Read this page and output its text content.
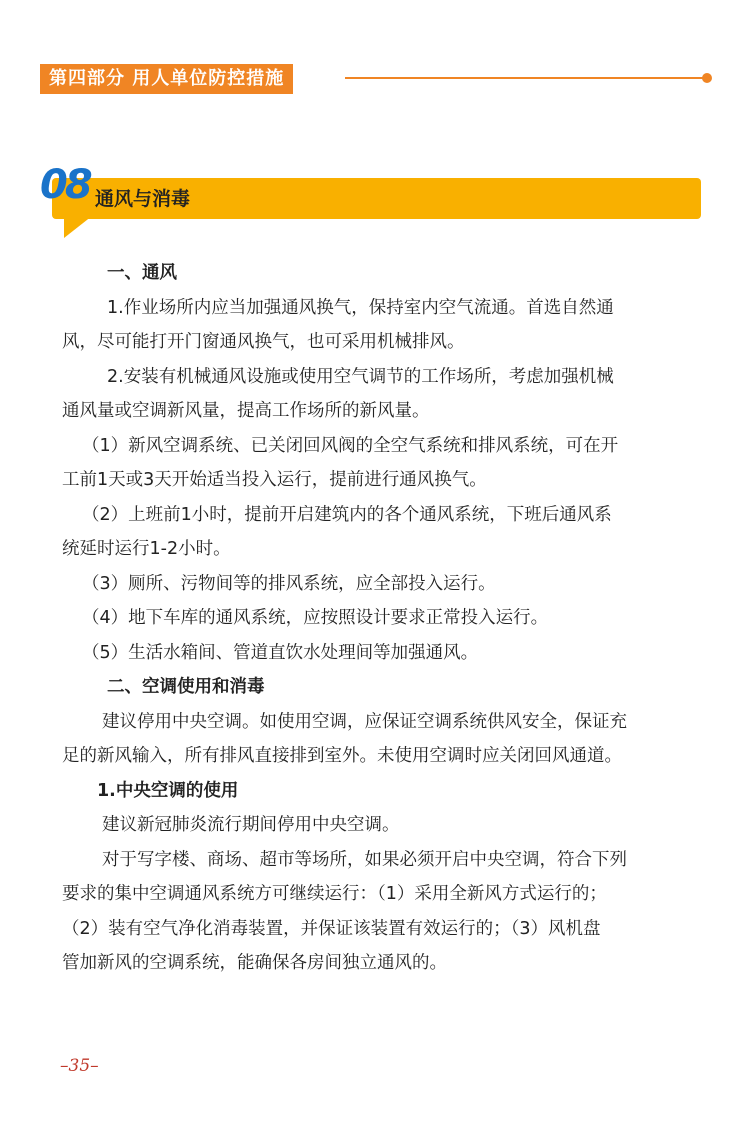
第四部分 用人单位防控措施
08 通风与消毒

一、通风

1.作业场所内应当加强通风换气，保持室内空气流通。首选自然通

风，尽可能打开门窗通风换气，也可采用机械排风。

2.安装有机械通风设施或使用空气调节的工作场所，考虑加强机械

通风量或空调新风量，提高工作场所的新风量。

（1）新风空调系统、已关闭回风阀的全空气系统和排风系统，可在开

工前1天或3天开始适当投入运行，提前进行通风换气。

（2）上班前1小时，提前开启建筑内的各个通风系统，下班后通风系

统延时运行1-2小时。

（3）厕所、污物间等的排风系统，应全部投入运行。

（4）地下车库的通风系统，应按照设计要求正常投入运行。

（5）生活水箱间、管道直饮水处理间等加强通风。

二、空调使用和消毒

建议停用中央空调。如使用空调，应保证空调系统供风安全，保证充

足的新风输入，所有排风直接排到室外。未使用空调时应关闭回风通道。

1.中央空调的使用

建议新冠肺炎流行期间停用中央空调。

对于写字楼、商场、超市等场所，如果必须开启中央空调，符合下列

要求的集中空调通风系统方可继续运行：（1）采用全新风方式运行的；

（2）装有空气净化消毒装置，并保证该装置有效运行的；（3）风机盘

管加新风的空调系统，能确保各房间独立通风的。

–35–
